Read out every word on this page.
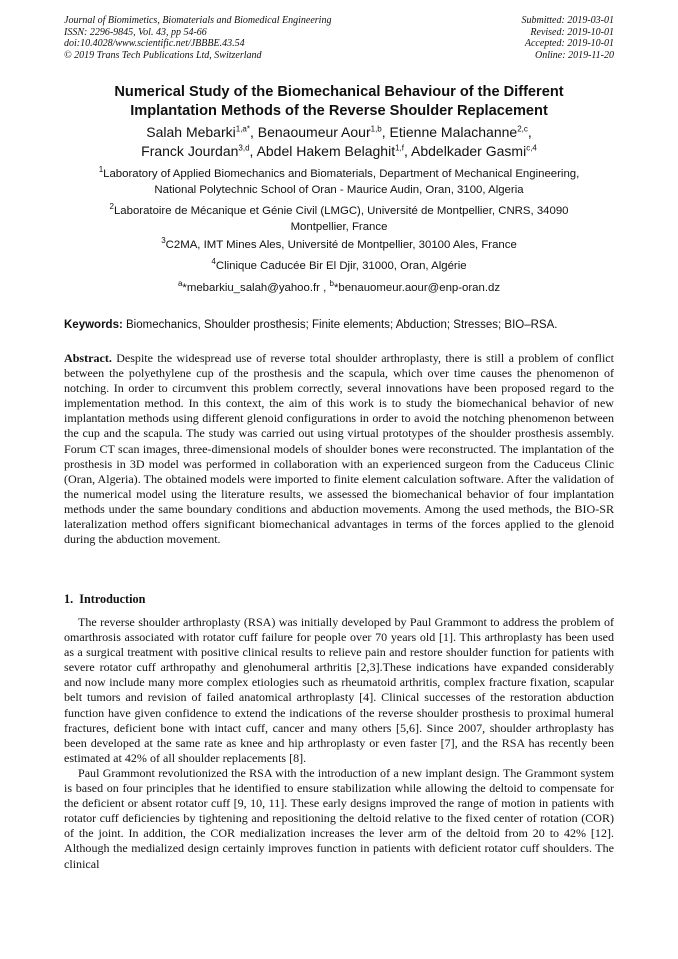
Journal of Biomimetics, Biomaterials and Biomedical Engineering
ISSN: 2296-9845, Vol. 43, pp 54-66
doi:10.4028/www.scientific.net/JBBBE.43.54
© 2019 Trans Tech Publications Ltd, Switzerland
Submitted: 2019-03-01
Revised: 2019-10-01
Accepted: 2019-10-01
Online: 2019-11-20
Numerical Study of the Biomechanical Behaviour of the Different
Implantation Methods of the Reverse Shoulder Replacement
Salah Mebarki$^{1,a*}$, Benaoumeur Aour$^{1,b}$, Etienne Malachanne$^{2,c}$,
Franck Jourdan$^{3,d}$, Abdel Hakem Belaghit$^{1,f}$, Abdelkader Gasmi$^{c,4}$
$^1$Laboratory of Applied Biomechanics and Biomaterials, Department of Mechanical Engineering,
National Polytechnic School of Oran - Maurice Audin, Oran, 3100, Algeria
$^2$Laboratoire de Mécanique et Génie Civil (LMGC), Université de Montpellier, CNRS, 34090
Montpellier, France
$^3$C2MA, IMT Mines Ales, Université de Montpellier, 30100 Ales, France
$^4$Clinique Caducée Bir El Djir, 31000, Oran, Algérie
$^a$*mebarkiu_salah@yahoo.fr , $^b$*benauomeur.aour@enp-oran.dz
Keywords: Biomechanics, Shoulder prosthesis; Finite elements; Abduction; Stresses; BIO–RSA.

Abstract. Despite the widespread use of reverse total shoulder arthroplasty, there is still a problem of conflict between the polyethylene cup of the prosthesis and the scapula, which over time causes the phenomenon of notching. In order to circumvent this problem correctly, several innovations have been proposed regard to the implementation method. In this context, the aim of this work is to study the biomechanical behavior of new implantation methods using different glenoid configurations in order to avoid the notching phenomenon between the cup and the scapula. The study was carried out using virtual prototypes of the shoulder prosthesis assembly. Forum CT scan images, three-dimensional models of shoulder bones were reconstructed. The implantation of the prosthesis in 3D model was performed in collaboration with an experienced surgeon from the Caduceus Clinic (Oran, Algeria). The obtained models were imported to finite element calculation software. After the validation of the numerical model using the literature results, we assessed the biomechanical behavior of four implantation methods under the same boundary conditions and abduction movements. Among the used methods, the BIO-SR lateralization method offers significant biomechanical advantages in terms of the forces applied to the glenoid during the abduction movement.

1. Introduction

The reverse shoulder arthroplasty (RSA) was initially developed by Paul Grammont to address the problem of omarthrosis associated with rotator cuff failure for people over 70 years old [1]. This arthroplasty has been used as a surgical treatment with positive clinical results to relieve pain and restore shoulder function for patients with severe rotator cuff arthropathy and glenohumeral arthritis [2,3].These indications have expanded considerably and now include many more complex etiologies such as rheumatoid arthritis, complex fracture fixation, scapular belt tumors and revision of failed anatomical arthroplasty [4]. Clinical successes of the restoration abduction function have given confidence to extend the indications of the reverse shoulder prosthesis to proximal humeral fractures, deficient bone with intact cuff, cancer and many others [5,6]. Since 2007, shoulder arthroplasty has been developed at the same rate as knee and hip arthroplasty or even faster [7], and the RSA has recently been estimated at 42% of all shoulder replacements [8].

Paul Grammont revolutionized the RSA with the introduction of a new implant design. The Grammont system is based on four principles that he identified to ensure stabilization while allowing the deltoid to compensate for the deficient or absent rotator cuff [9, 10, 11]. These early designs improved the range of motion in patients with rotator cuff deficiencies by tightening and repositioning the deltoid relative to the fixed center of rotation (COR) of the joint. In addition, the COR medialization increases the lever arm of the deltoid from 20 to 42% [12]. Although the medialized design certainly improves function in patients with deficient rotator cuff shoulders. The clinical
